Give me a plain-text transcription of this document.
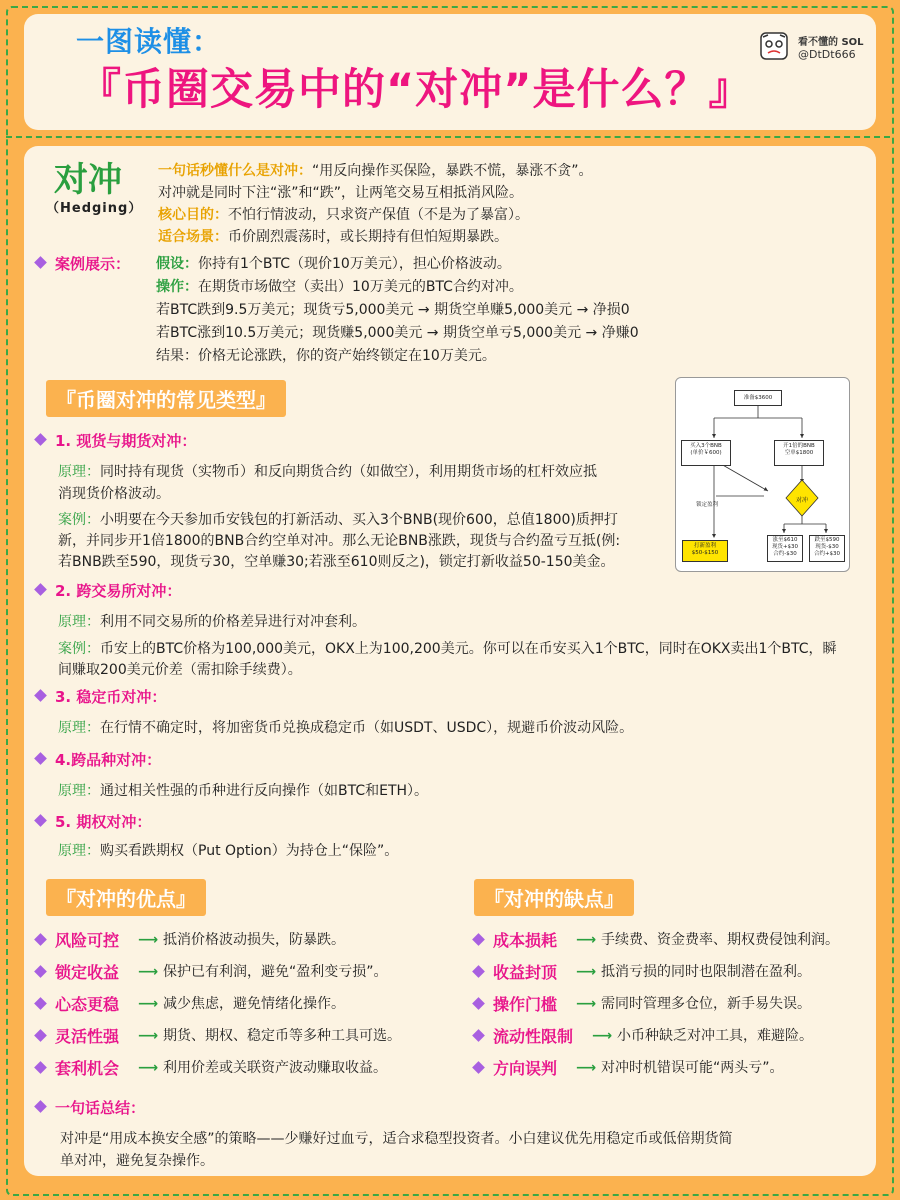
一图读懂：
『币圈交易中的“对冲”是什么？』
看不懂的 SOL
@DtDt666
对冲
（Hedging）
一句话秒懂什么是对冲：“用反向操作买保险，暴跌不慌，暴涨不贪”。
对冲就是同时下注“涨”和“跌”，让两笔交易互相抵消风险。
核心目的：不怕行情波动，只求资产保值（不是为了暴富）。
适合场景：币价剧烈震荡时，或长期持有但怕短期暴跌。
案例展示： 假设：你持有1个BTC（现价10万美元），担心价格波动。
操作：在期货市场做空（卖出）10万美元的BTC合约对冲。
若BTC跌到9.5万美元；现货亏5,000美元 → 期货空单赚5,000美元 → 净损0
若BTC涨到10.5万美元；现货赚5,000美元 → 期货空单亏5,000美元 → 净赚0
结果：价格无论涨跌，你的资产始终锁定在10万美元。
『币圈对冲的常见类型』
1. 现货与期货对冲：
原理：同时持有现货（实物币）和反向期货合约（如做空），利用期货市场的杠杆效应抵
消现货价格波动。
案例：小明要在今天参加币安钱包的打新活动、买入3个BNB(现价600，总值1800)质押打
新，并同步开1倍1800的BNB合约空单对冲。那么无论BNB涨跌，现货与合约盈亏互抵(例:
若BNB跌至590，现货亏30，空单赚30;若涨至610则反之)，锁定打新收益50-150美金。
准备$3600
买入3个BNB
(单价￥600)
开1倍的BNB
空单$1800
锁定盈利
对冲
打新盈利
$50-$150
涨至$610
现货+$30
合约-$30
跌至$590
现货-$30
合约+$30
2. 跨交易所对冲：
原理：利用不同交易所的价格差异进行对冲套利。
案例：币安上的BTC价格为100,000美元，OKX上为100,200美元。你可以在币安买入1个BTC，同时在OKX卖出1个BTC，瞬
间赚取200美元价差（需扣除手续费）。
3. 稳定币对冲：
原理：在行情不确定时，将加密货币兑换成稳定币（如USDT、USDC），规避币价波动风险。
4.跨品种对冲：
原理：通过相关性强的币种进行反向操作（如BTC和ETH）。
5. 期权对冲：
原理：购买看跌期权（Put Option）为持仓上“保险”。
『对冲的优点』	『对冲的缺点』
风险可控 ⟶ 抵消价格波动损失，防暴跌。
锁定收益 ⟶ 保护已有利润，避免“盈利变亏损”。
心态更稳 ⟶ 减少焦虑，避免情绪化操作。
灵活性强 ⟶ 期货、期权、稳定币等多种工具可选。
套利机会 ⟶ 利用价差或关联资产波动赚取收益。
成本损耗 ⟶ 手续费、资金费率、期权费侵蚀利润。
收益封顶 ⟶ 抵消亏损的同时也限制潜在盈利。
操作门槛 ⟶ 需同时管理多仓位，新手易失误。
流动性限制 ⟶ 小币种缺乏对冲工具，难避险。
方向误判 ⟶ 对冲时机错误可能“两头亏”。
一句话总结：
对冲是“用成本换安全感”的策略——少赚好过血亏，适合求稳型投资者。小白建议优先用稳定币或低倍期货简
单对冲，避免复杂操作。
